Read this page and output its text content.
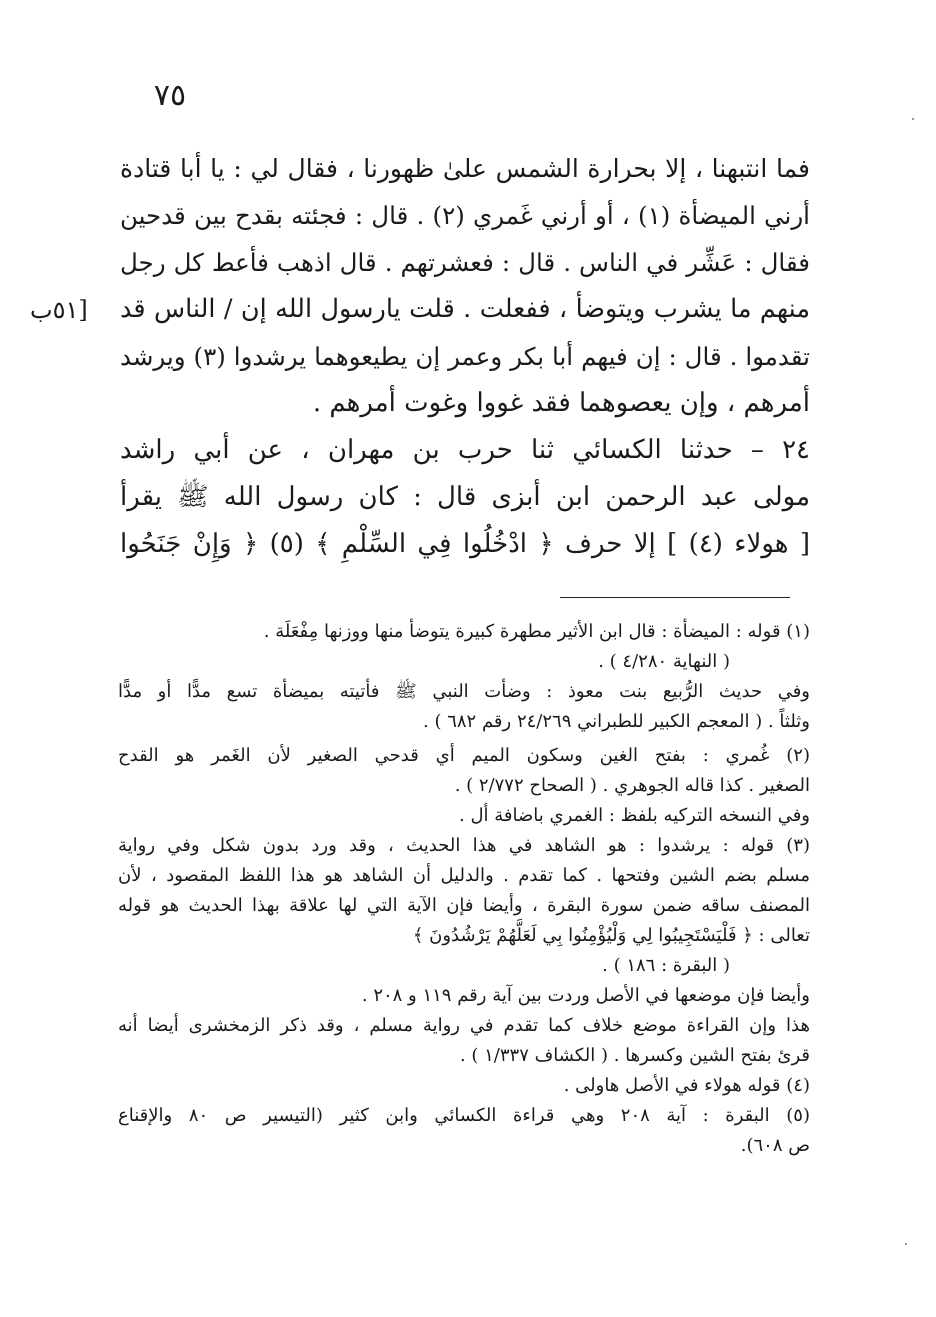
٧٥
[٥١ب
فما انتبهنا ، إلا بحرارة الشمس علىٰ ظهورنا ، فقال لي : يا أبا قتادة
أرني الميضأة (١) ، أو أرني غَمري (٢) . قال : فجئته بقدح بين قدحين
فقال : عَشِّر في الناس . قال : فعشرتهم . قال اذهب فأعط كل رجل
منهم ما يشرب ويتوضأ ، ففعلت . قلت يارسول الله إن / الناس قد
تقدموا . قال : إن فيهم أبا بكر وعمر إن يطيعوهما يرشدوا (٣) ويرشد
أمرهم ، وإن يعصوهما فقد غووا وغوت أمرهم .
٢٤ – حدثنا الكسائي ثنا حرب بن مهران ، عن أبي راشد
مولى عبد الرحمن ابن أبزى قال : كان رسول الله ﷺ يقرأ
[ هولاء (٤) ] إلا حرف ﴿ ادْخُلُوا فِي السِّلْمِ ﴾ (٥) ﴿ وَإِنْ جَنَحُوا
(١) قوله : الميضأة : قال ابن الأثير مطهرة كبيرة يتوضأ منها ووزنها مِفْعَلَة .
( النهاية ٤/٢٨٠ ) .
وفي حديث الرُّبيع بنت معوذ : وضأت النبي ﷺ فأتيته بميضأة تسع مدًّا أو مدًّا
وثلثاً . ( المعجم الكبير للطبراني ٢٤/٢٦٩ رقم ٦٨٢ ) .
(٢) غُمري : بفتح الغين وسكون الميم أي قدحي الصغير لأن الغَمر هو القدح
الصغير . كذا قاله الجوهري . ( الصحاح ٢/٧٧٢ ) .
وفي النسخه التركيه بلفظ : الغمري باضافة أل .
(٣) قوله : يرشدوا : هو الشاهد في هذا الحديث ، وقد ورد بدون شكل وفي رواية
مسلم بضم الشين وفتحها . كما تقدم . والدليل أن الشاهد هو هذا اللفظ المقصود ، لأن
المصنف ساقه ضمن سورة البقرة ، وأيضا فإن الآية التي لها علاقة بهذا الحديث هو قوله
تعالى : ﴿ فَلْيَسْتَجِيبُوا لِي وَلْيُؤْمِنُوا بِي لَعَلَّهُمْ يَرْشُدُونَ ﴾
( البقرة : ١٨٦ ) .
وأيضا فإن موضعها في الأصل وردت بين آية رقم ١١٩ و ٢٠٨ .
هذا وإن القراءة موضع خلاف كما تقدم في رواية مسلم ، وقد ذكر الزمخشرى أيضا أنه
قرئ بفتح الشين وكسرها . ( الكشاف ١/٣٣٧ ) .
(٤) قوله هولاء في الأصل هاولى .
(٥) البقرة : آية ٢٠٨ وهي قراءة الكسائي وابن كثير (التيسير ص ٨٠ والإقناع
ص ٦٠٨).
